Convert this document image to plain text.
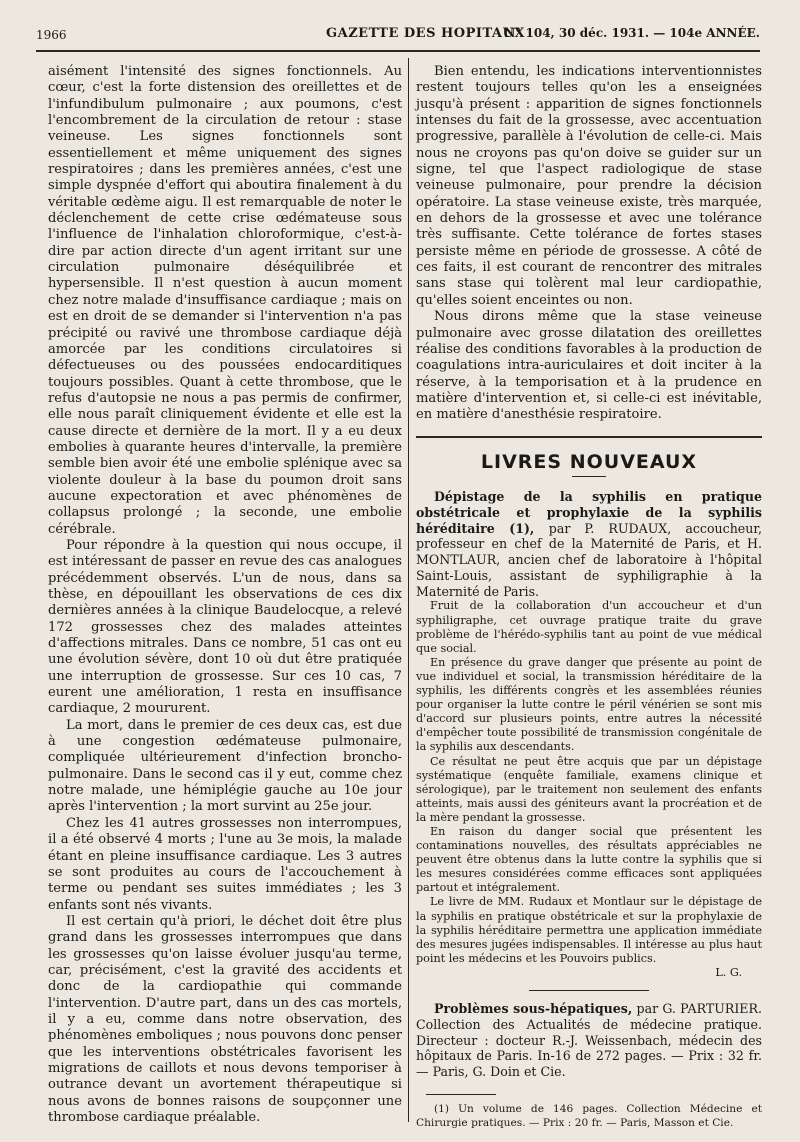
1966	GAZETTE DES HOPITAUX
N° 104, 30 déc. 1931. — 104e ANNÉE.

aisément l'intensité des signes fonctionnels. Au cœur, c'est la forte distension des oreillettes et de l'infundibulum pulmonaire ; aux poumons, c'est l'encombrement de la circulation de retour : stase veineuse. Les signes fonctionnels sont essentiellement et même uniquement des signes respiratoires ; dans les premières années, c'est une simple dyspnée d'effort qui aboutira finalement à du véritable œdème aigu. Il est remarquable de noter le déclenchement de cette crise œdémateuse sous l'influence de l'inhalation chloroformique, c'est-à-dire par action directe d'un agent irritant sur une circulation pulmonaire déséquilibrée et hypersensible. Il n'est question à aucun moment chez notre malade d'insuffisance cardiaque ; mais on est en droit de se demander si l'intervention n'a pas précipité ou ravivé une thrombose cardiaque déjà amorcée par les conditions circulatoires si défectueuses ou des poussées endocarditiques toujours possibles. Quant à cette thrombose, que le refus d'autopsie ne nous a pas permis de confirmer, elle nous paraît cliniquement évidente et elle est la cause directe et dernière de la mort. Il y a eu deux embolies à quarante heures d'intervalle, la première semble bien avoir été une embolie splénique avec sa violente douleur à la base du poumon droit sans aucune expectoration et avec phénomènes de collapsus prolongé ; la seconde, une embolie cérébrale.

Pour répondre à la question qui nous occupe, il est intéressant de passer en revue des cas analogues précédemment observés. L'un de nous, dans sa thèse, en dépouillant les observations de ces dix dernières années à la clinique Baudelocque, a relevé 172 grossesses chez des malades atteintes d'affections mitrales. Dans ce nombre, 51 cas ont eu une évolution sévère, dont 10 où dut être pratiquée une interruption de grossesse. Sur ces 10 cas, 7 eurent une amélioration, 1 resta en insuffisance cardiaque, 2 moururent.

La mort, dans le premier de ces deux cas, est due à une congestion œdémateuse pulmonaire, compliquée ultérieurement d'infection broncho-pulmonaire. Dans le second cas il y eut, comme chez notre malade, une hémiplégie gauche au 10e jour après l'intervention ; la mort survint au 25e jour.

Chez les 41 autres grossesses non interrompues, il a été observé 4 morts ; l'une au 3e mois, la malade étant en pleine insuffisance cardiaque. Les 3 autres se sont produites au cours de l'accouchement à terme ou pendant ses suites immédiates ; les 3 enfants sont nés vivants.

Il est certain qu'à priori, le déchet doit être plus grand dans les grossesses interrompues que dans les grossesses qu'on laisse évoluer jusqu'au terme, car, précisément, c'est la gravité des accidents et donc de la cardiopathie qui commande l'intervention. D'autre part, dans un des cas mortels, il y a eu, comme dans notre observation, des phénomènes emboliques ; nous pouvons donc penser que les interventions obstétricales favorisent les migrations de caillots et nous devons temporiser à outrance devant un avortement thérapeutique si nous avons de bonnes raisons de soupçonner une thrombose cardiaque préalable.

Bien entendu, les indications interventionnistes restent toujours telles qu'on les a enseignées jusqu'à présent : apparition de signes fonctionnels intenses du fait de la grossesse, avec accentuation progressive, parallèle à l'évolution de celle-ci. Mais nous ne croyons pas qu'on doive se guider sur un signe, tel que l'aspect radiologique de stase veineuse pulmonaire, pour prendre la décision opératoire. La stase veineuse existe, très marquée, en dehors de la grossesse et avec une tolérance très suffisante. Cette tolérance de fortes stases persiste même en période de grossesse. A côté de ces faits, il est courant de rencontrer des mitrales sans stase qui tolèrent mal leur cardiopathie, qu'elles soient enceintes ou non.

Nous dirons même que la stase veineuse pulmonaire avec grosse dilatation des oreillettes réalise des conditions favorables à la production de coagulations intra-auriculaires et doit inciter à la réserve, à la temporisation et à la prudence en matière d'intervention et, si celle-ci est inévitable, en matière d'anesthésie respiratoire.

LIVRES NOUVEAUX

Dépistage de la syphilis en pratique obstétricale et prophylaxie de la syphilis héréditaire (1), par P. RUDAUX, accoucheur, professeur en chef de la Maternité de Paris, et H. MONTLAUR, ancien chef de laboratoire à l'hôpital Saint-Louis, assistant de syphiligraphie à la Maternité de Paris.

Fruit de la collaboration d'un accoucheur et d'un syphiligraphe, cet ouvrage pratique traite du grave problème de l'hérédo-syphilis tant au point de vue médical que social.

En présence du grave danger que présente au point de vue individuel et social, la transmission héréditaire de la syphilis, les différents congrès et les assemblées réunies pour organiser la lutte contre le péril vénérien se sont mis d'accord sur plusieurs points, entre autres la nécessité d'empêcher toute possibilité de transmission congénitale de la syphilis aux descendants.

Ce résultat ne peut être acquis que par un dépistage systématique (enquête familiale, examens clinique et sérologique), par le traitement non seulement des enfants atteints, mais aussi des géniteurs avant la procréation et de la mère pendant la grossesse.

En raison du danger social que présentent les contaminations nouvelles, des résultats appréciables ne peuvent être obtenus dans la lutte contre la syphilis que si les mesures considérées comme efficaces sont appliquées partout et intégralement.

Le livre de MM. Rudaux et Montlaur sur le dépistage de la syphilis en pratique obstétricale et sur la prophylaxie de la syphilis héréditaire permettra une application immédiate des mesures jugées indispensables. Il intéresse au plus haut point les médecins et les Pouvoirs publics.

L. G.

Problèmes sous-hépatiques, par G. PARTURIER. Collection des Actualités de médecine pratique. Directeur : docteur R.-J. Weissenbach, médecin des hôpitaux de Paris. In-16 de 272 pages. — Prix : 32 fr. — Paris, G. Doin et Cie.

(1) Un volume de 146 pages. Collection Médecine et Chirurgie pratiques. — Prix : 20 fr. — Paris, Masson et Cie.
